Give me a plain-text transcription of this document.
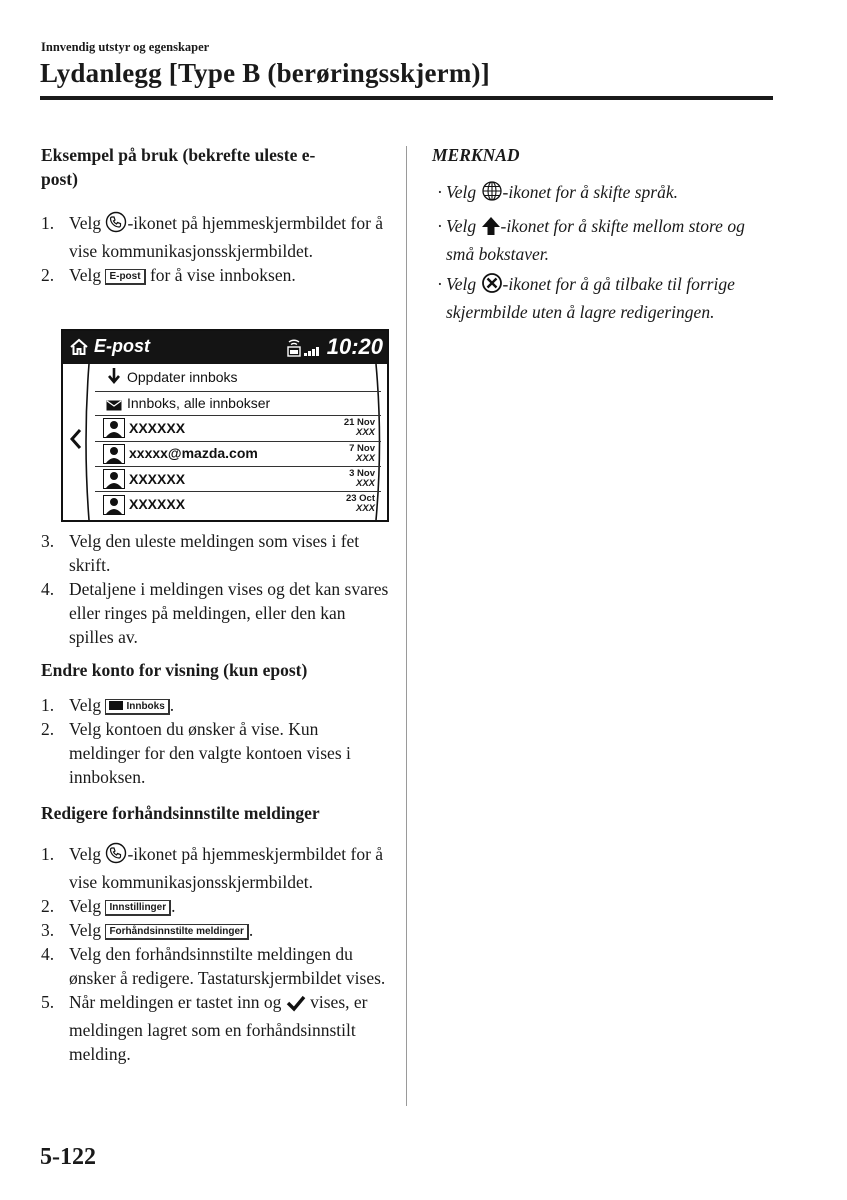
Innvendig utstyr og egenskaper
Lydanlegg [Type B (berøringsskjerm)]
Eksempel på bruk (bekrefte uleste e-post)
1. Velg -ikonet på hjemmeskjermbildet for å vise kommunikasjonsskjermbildet.
2. Velg E-post for å vise innboksen.
E-post	10:20
Oppdater innboks
Innboks, alle innbokser
XXXXXX	21 Nov
XXX
xxxxx@mazda.com	7 Nov
XXX
XXXXXX	3 Nov
XXX
XXXXXX	23 Oct
XXX
3. Velg den uleste meldingen som vises i fet skrift.
4. Detaljene i meldingen vises og det kan svares eller ringes på meldingen, eller den kan spilles av.
Endre konto for visning (kun epost)
1. Velg Innboks .
2. Velg kontoen du ønsker å vise. Kun meldinger for den valgte kontoen vises i innboksen.
Redigere forhåndsinnstilte meldinger
1. Velg -ikonet på hjemmeskjermbildet for å vise kommunikasjonsskjermbildet.
2. Velg Innstillinger .
3. Velg Forhåndsinnstilte meldinger .
4. Velg den forhåndsinnstilte meldingen du ønsker å redigere. Tastaturskjermbildet vises.
5. Når meldingen er tastet inn og  vises, er meldingen lagret som en forhåndsinnstilt melding.
MERKNAD
· Velg -ikonet for å skifte språk.
· Velg -ikonet for å skifte mellom store og små bokstaver.
· Velg -ikonet for å gå tilbake til forrige skjermbilde uten å lagre redigeringen.
5-122
